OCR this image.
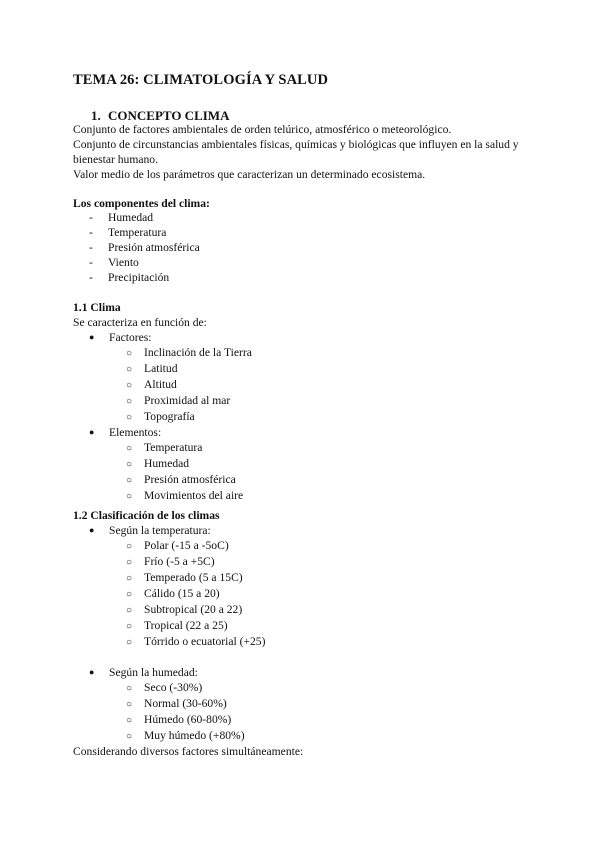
TEMA 26: CLIMATOLOGÍA Y SALUD
1. CONCEPTO CLIMA

Conjunto de factores ambientales de orden telúrico, atmosférico o meteorológico.

Conjunto de circunstancias ambientales físicas, químicas y biológicas que influyen en la salud y bienestar humano.

Valor medio de los parámetros que caracterizan un determinado ecosistema.

Los componentes del clima:
- Humedad
- Temperatura
- Presión atmosférica
- Viento
- Precipitación
1.1 Clima
Se caracteriza en función de:
● Factores:
○ Inclinación de la Tierra
○ Latitud
○ Altitud
○ Proximidad al mar
○ Topografía
● Elementos:
○ Temperatura
○ Humedad
○ Presión atmosférica
○ Movimientos del aire
1.2 Clasificación de los climas
● Según la temperatura:
○ Polar (-15 a -5oC)
○ Frío (-5 a +5C)
○ Temperado (5 a 15C)
○ Cálido (15 a 20)
○ Subtropical (20 a 22)
○ Tropical (22 a 25)
○ Tórrido o ecuatorial (+25)
● Según la humedad:
○ Seco (-30%)
○ Normal (30-60%)
○ Húmedo (60-80%)
○ Muy húmedo (+80%)
Considerando diversos factores simultáneamente:
